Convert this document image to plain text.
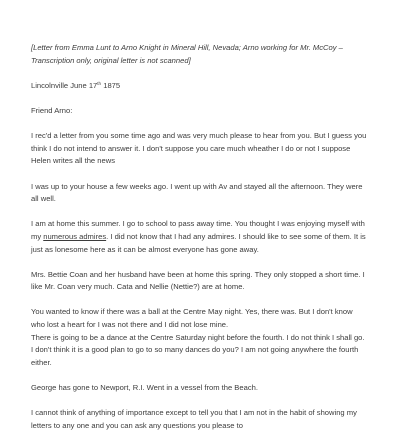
[Letter from Emma Lunt to Arno Knight in Mineral Hill, Nevada; Arno working for Mr. McCoy – Transcription only, original letter is not scanned]

Lincolnville June 17th 1875

Friend Arno:

I rec'd a letter from you some time ago and was very much please to hear from you. But I guess you think I do not intend to answer it. I don't suppose you care much wheather I do or not I suppose Helen writes all the news

I was up to your house a few weeks ago. I went up with Av and stayed all the afternoon. They were all well.

I am at home this summer. I go to school to pass away time. You thought I was enjoying myself with my numerous admires. I did not know that I had any admires. I should like to see some of them. It is just as lonesome here as it can be almost everyone has gone away.

Mrs. Bettie Coan and her husband have been at home this spring. They only stopped a short time. I like Mr. Coan very much. Cata and Nellie (Nettie?) are at home.

You wanted to know if there was a ball at the Centre May night. Yes, there was. But I don't know who lost a heart for I was not there and I did not lose mine.

There is going to be a dance at the Centre Saturday night before the fourth. I do not think I shall go. I don't think it is a good plan to go to so many dances do you? I am not going anywhere the fourth either.

George has gone to Newport, R.I. Went in a vessel from the Beach.

I cannot think of anything of importance except to tell you that I am not in the habit of showing my letters to any one and you can ask any questions you please to
